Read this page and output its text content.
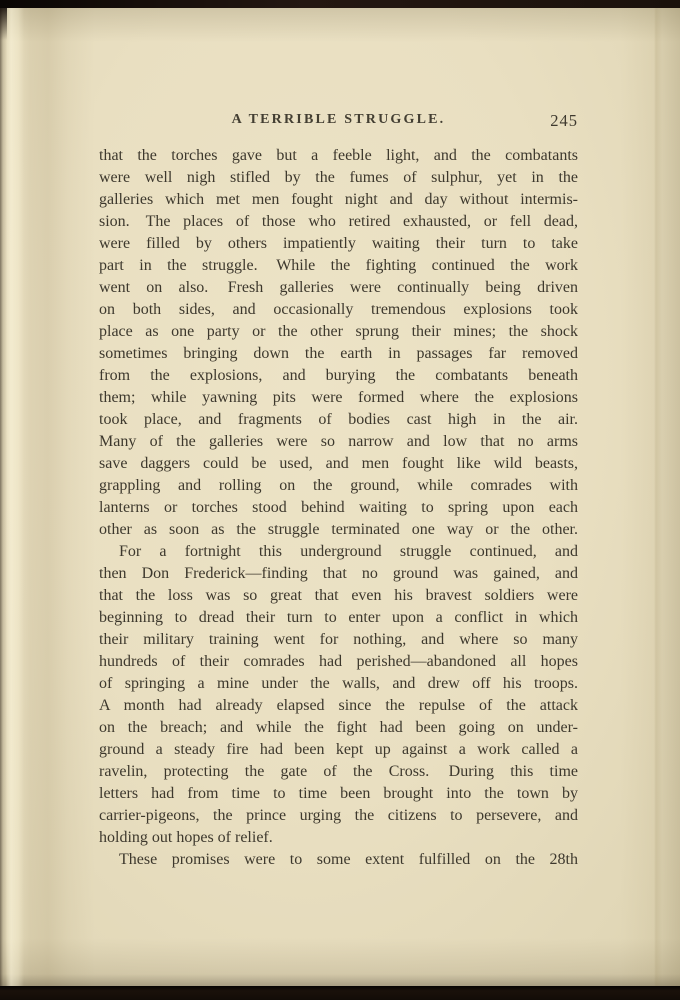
A TERRIBLE STRUGGLE.	245
that the torches gave but a feeble light, and the combatants
were well nigh stifled by the fumes of sulphur, yet in the
galleries which met men fought night and day without intermis-
sion.  The places of those who retired exhausted, or fell dead,
were filled by others impatiently waiting their turn to take
part in the struggle.  While the fighting continued the work
went on also.  Fresh galleries were continually being driven
on both sides, and occasionally tremendous explosions took
place as one party or the other sprung their mines; the shock
sometimes bringing down the earth in passages far removed
from the explosions, and burying the combatants beneath
them; while yawning pits were formed where the explosions
took place, and fragments of bodies cast high in the air.
Many of the galleries were so narrow and low that no arms
save daggers could be used, and men fought like wild beasts,
grappling and rolling on the ground, while comrades with
lanterns or torches stood behind waiting to spring upon each
other as soon as the struggle terminated one way or the other.
For a fortnight this underground struggle continued, and
then Don Frederick—finding that no ground was gained, and
that the loss was so great that even his bravest soldiers were
beginning to dread their turn to enter upon a conflict in which
their military training went for nothing, and where so many
hundreds of their comrades had perished—abandoned all hopes
of springing a mine under the walls, and drew off his troops.
A month had already elapsed since the repulse of the attack
on the breach; and while the fight had been going on under-
ground a steady fire had been kept up against a work called a
ravelin, protecting the gate of the Cross.  During this time
letters had from time to time been brought into the town by
carrier-pigeons, the prince urging the citizens to persevere, and
holding out hopes of relief.
These promises were to some extent fulfilled on the 28th
